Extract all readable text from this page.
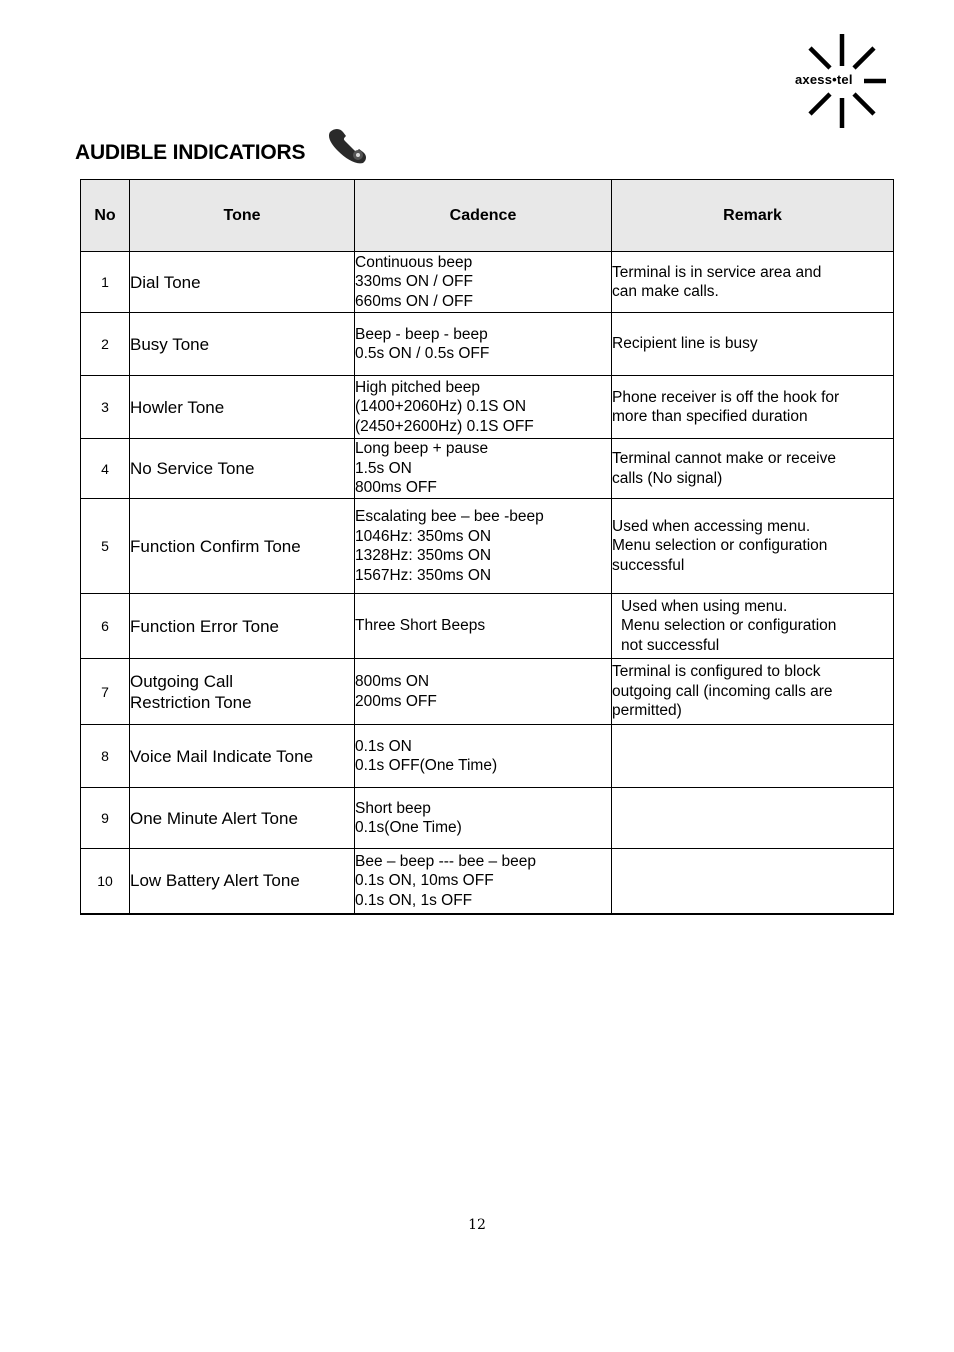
axess•tel
AUDIBLE INDICATIORS
No	Tone	Cadence	Remark
1	Dial Tone	Continuous beep
330ms ON / OFF
660ms ON / OFF	Terminal is in service area and
can make calls.
2	Busy Tone	Beep - beep - beep
0.5s ON / 0.5s OFF	Recipient line is busy
3	Howler Tone	High pitched beep
(1400+2060Hz) 0.1S ON
(2450+2600Hz) 0.1S OFF	Phone receiver is off the hook for
more than specified duration
4	No Service Tone	Long beep + pause
1.5s ON
800ms OFF	Terminal cannot make or receive
calls (No signal)
5	Function Confirm Tone	Escalating bee – bee -beep
1046Hz: 350ms ON
1328Hz: 350ms ON
1567Hz: 350ms ON	Used when accessing menu.
Menu selection or configuration
successful
6	Function Error Tone	Three Short Beeps	Used when using menu.
Menu selection or configuration
not successful
7	Outgoing Call Restriction Tone	800ms ON
200ms OFF	Terminal is configured to block
outgoing call (incoming calls are
permitted)
8	Voice Mail Indicate Tone	0.1s ON
0.1s OFF(One Time)	
9	One Minute Alert Tone	Short beep
0.1s(One Time)	
10	Low Battery Alert Tone	Bee – beep --- bee – beep
0.1s ON, 10ms OFF
0.1s ON, 1s OFF	
12
